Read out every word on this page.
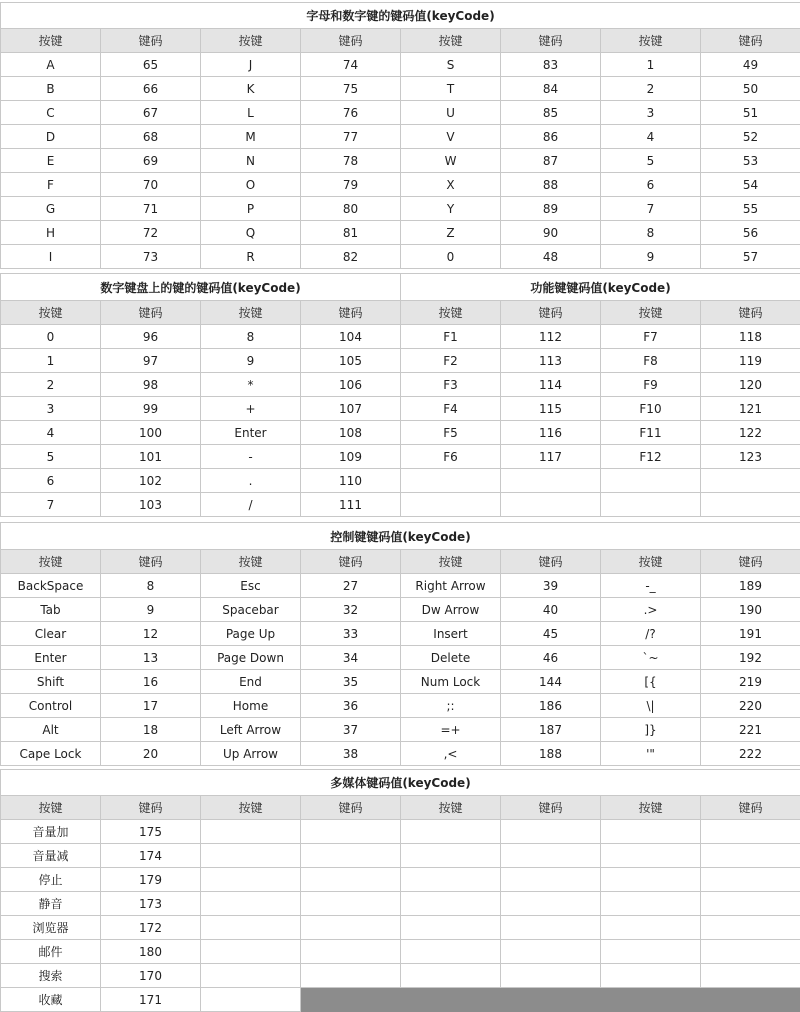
字母和数字键的键码值(keyCode)							
按键	键码	按键	键码	按键	键码	按键	键码
A	65	J	74	S	83	1	49
B	66	K	75	T	84	2	50
C	67	L	76	U	85	3	51
D	68	M	77	V	86	4	52
E	69	N	78	W	87	5	53
F	70	O	79	X	88	6	54
G	71	P	80	Y	89	7	55
H	72	Q	81	Z	90	8	56
I	73	R	82	0	48	9	57
数字键盘上的键的键码值(keyCode)				功能键键码值(keyCode)			
按键	键码	按键	键码	按键	键码	按键	键码
0	96	8	104	F1	112	F7	118
1	97	9	105	F2	113	F8	119
2	98	*	106	F3	114	F9	120
3	99	+	107	F4	115	F10	121
4	100	Enter	108	F5	116	F11	122
5	101	-	109	F6	117	F12	123
6	102	.	110				
7	103	/	111				
控制键键码值(keyCode)							
按键	键码	按键	键码	按键	键码	按键	键码
BackSpace	8	Esc	27	Right Arrow	39	-_	189
Tab	9	Spacebar	32	Dw Arrow	40	.>	190
Clear	12	Page Up	33	Insert	45	/?	191
Enter	13	Page Down	34	Delete	46	`~	192
Shift	16	End	35	Num Lock	144	[{	219
Control	17	Home	36	;:	186	\|	220
Alt	18	Left Arrow	37	=+	187	]}	221
Cape Lock	20	Up Arrow	38	,<	188	'"	222
多媒体键码值(keyCode)							
按键	键码	按键	键码	按键	键码	按键	键码
音量加	175						
音量减	174						
停止	179						
静音	173						
浏览器	172						
邮件	180						
搜索	170						
收藏	171						
